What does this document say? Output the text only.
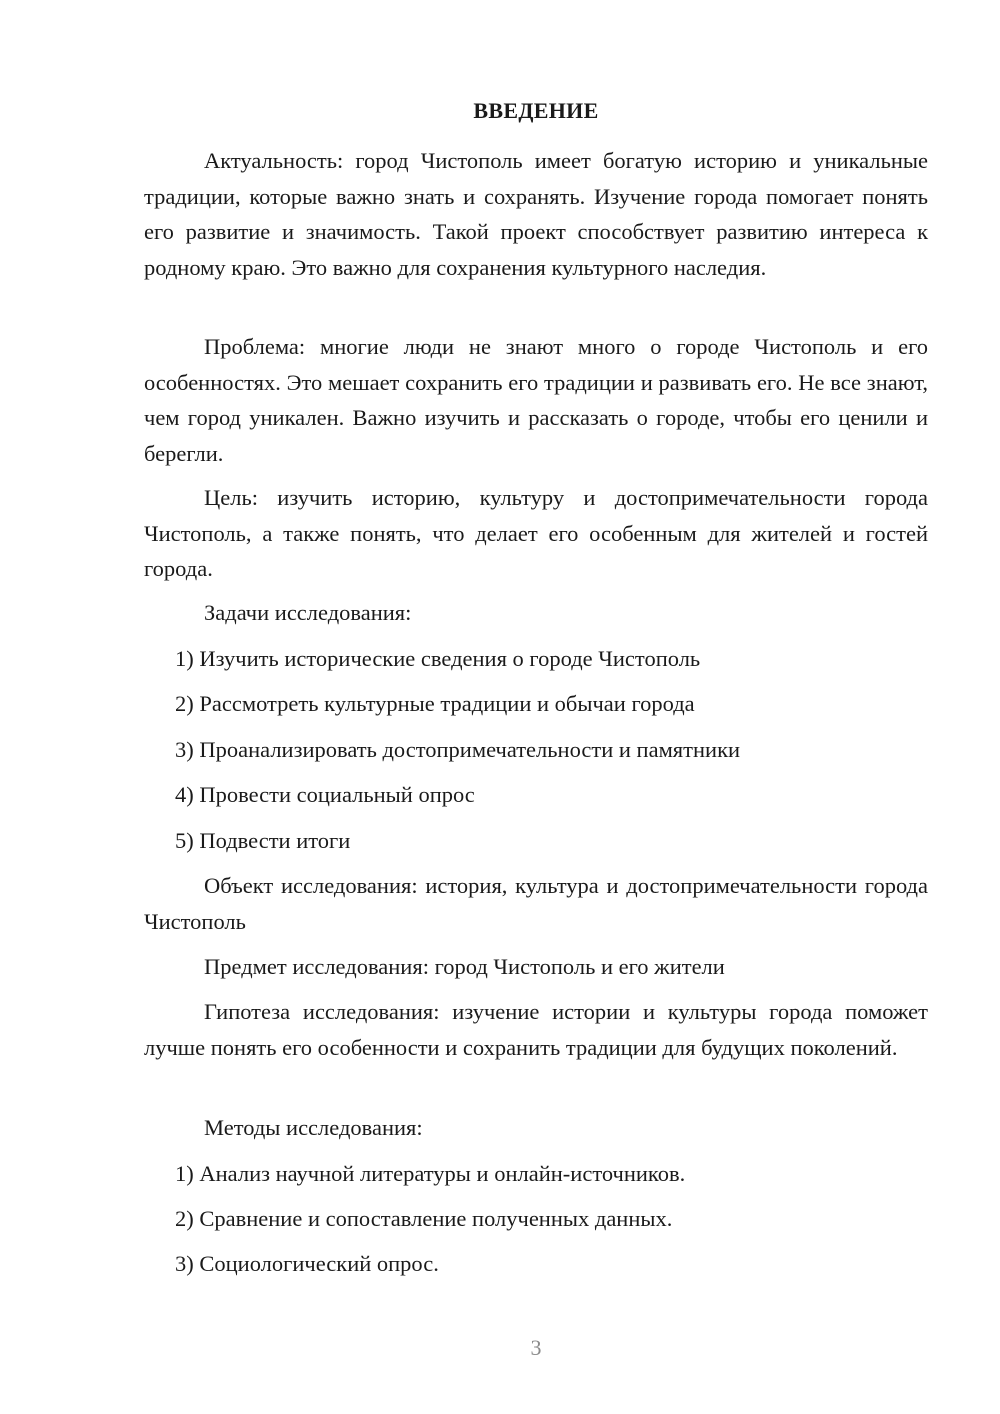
ВВЕДЕНИЕ

Актуальность: город Чистополь имеет богатую историю и уникальные традиции, которые важно знать и сохранять. Изучение города помогает понять его развитие и значимость. Такой проект способствует развитию интереса к родному краю. Это важно для сохранения культурного наследия.

Проблема: многие люди не знают много о городе Чистополь и его особенностях. Это мешает сохранить его традиции и развивать его. Не все знают, чем город уникален. Важно изучить и рассказать о городе, чтобы его ценили и берегли.

Цель: изучить историю, культуру и достопримечательности города Чистополь, а также понять, что делает его особенным для жителей и гостей города.

Задачи исследования:

1) Изучить исторические сведения о городе Чистополь

2) Рассмотреть культурные традиции и обычаи города

3) Проанализировать достопримечательности и памятники

4) Провести социальный опрос

5) Подвести итоги

Объект исследования: история, культура и достопримечательности города Чистополь

Предмет исследования: город Чистополь и его жители

Гипотеза исследования: изучение истории и культуры города поможет лучше понять его особенности и сохранить традиции для будущих поколений.

Методы исследования:

1) Анализ научной литературы и онлайн-источников.

2) Сравнение и сопоставление полученных данных.

3) Социологический опрос.

3
